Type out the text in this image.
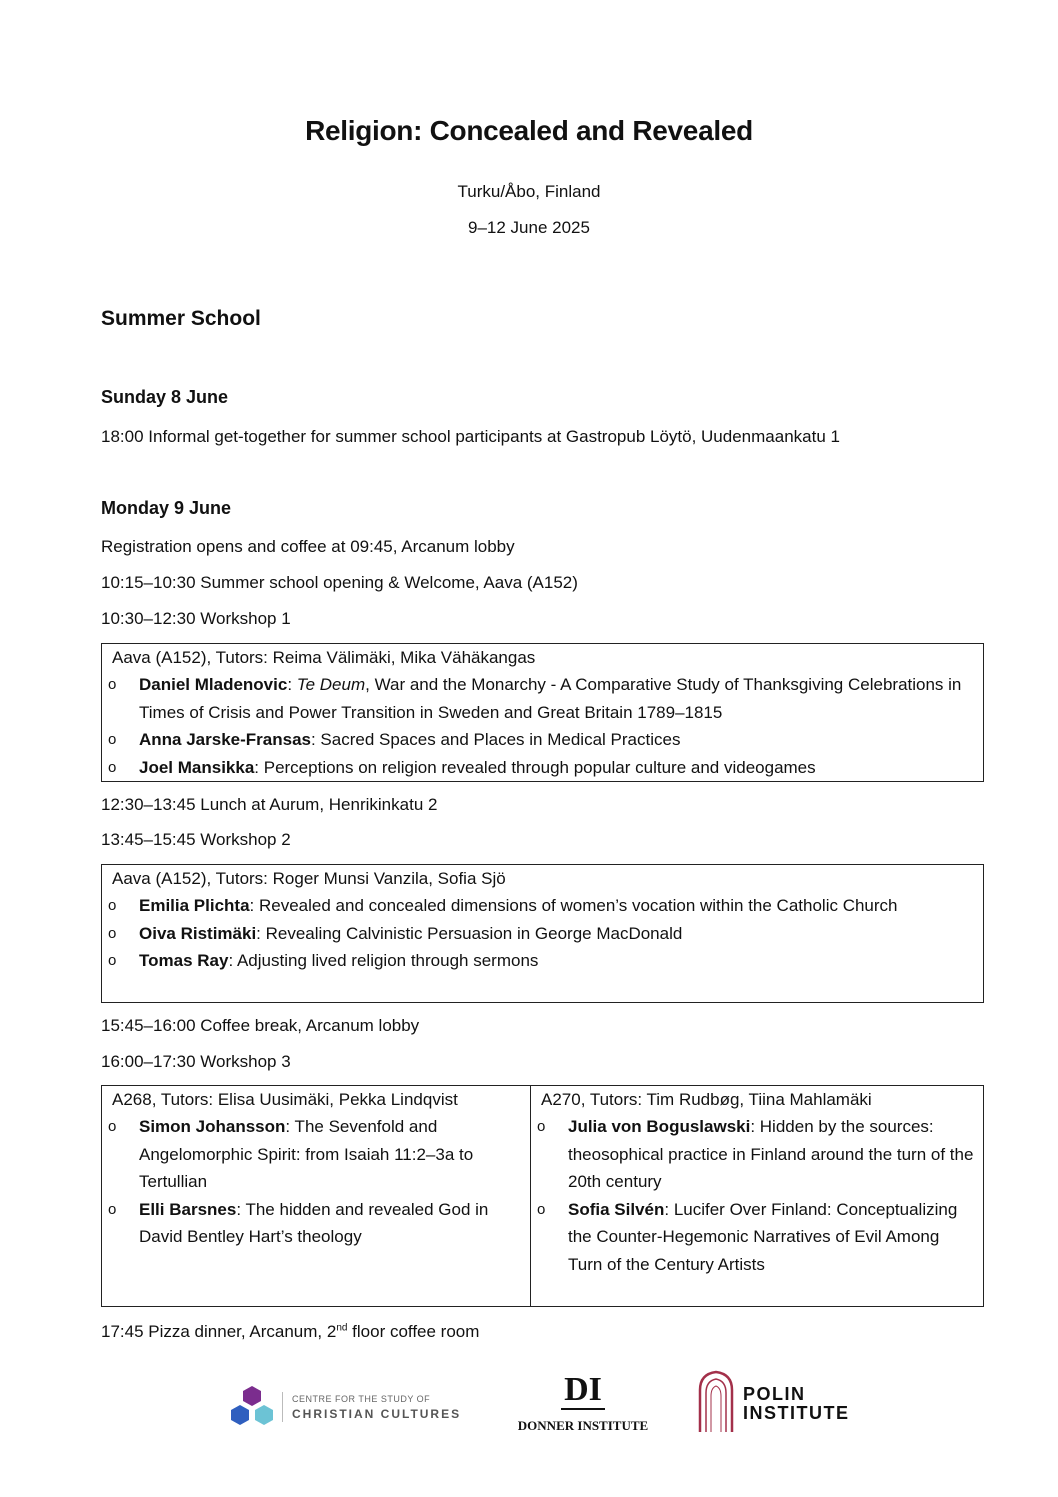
Religion: Concealed and Revealed
Turku/Åbo, Finland
9–12 June 2025
Summer School
Sunday 8 June
18:00 Informal get-together for summer school participants at Gastropub Löytö, Uudenmaankatu 1
Monday 9 June
Registration opens and coffee at 09:45, Arcanum lobby
10:15–10:30 Summer school opening & Welcome, Aava (A152)
10:30–12:30 Workshop 1
Aava (A152), Tutors: Reima Välimäki, Mika Vähäkangas
o Daniel Mladenovic: Te Deum, War and the Monarchy - A Comparative Study of Thanksgiving Celebrations in Times of Crisis and Power Transition in Sweden and Great Britain 1789–1815
o Anna Jarske-Fransas: Sacred Spaces and Places in Medical Practices
o Joel Mansikka: Perceptions on religion revealed through popular culture and videogames
12:30–13:45 Lunch at Aurum, Henrikinkatu 2
13:45–15:45 Workshop 2
Aava (A152), Tutors: Roger Munsi Vanzila, Sofia Sjö
o Emilia Plichta: Revealed and concealed dimensions of women’s vocation within the Catholic Church
o Oiva Ristimäki: Revealing Calvinistic Persuasion in George MacDonald
o Tomas Ray: Adjusting lived religion through sermons
15:45–16:00 Coffee break, Arcanum lobby
16:00–17:30 Workshop 3
A268, Tutors: Elisa Uusimäki, Pekka Lindqvist
o Simon Johansson: The Sevenfold and Angelomorphic Spirit: from Isaiah 11:2–3a to Tertullian
o Elli Barsnes: The hidden and revealed God in David Bentley Hart’s theology
A270, Tutors: Tim Rudbøg, Tiina Mahlamäki
o Julia von Boguslawski: Hidden by the sources: theosophical practice in Finland around the turn of the 20th century
o Sofia Silvén: Lucifer Over Finland: Conceptualizing the Counter-Hegemonic Narratives of Evil Among Turn of the Century Artists
17:45 Pizza dinner, Arcanum, 2nd floor coffee room
CENTRE FOR THE STUDY OF
CHRISTIAN CULTURES
DI
DONNER INSTITUTE
POLIN
INSTITUTE
